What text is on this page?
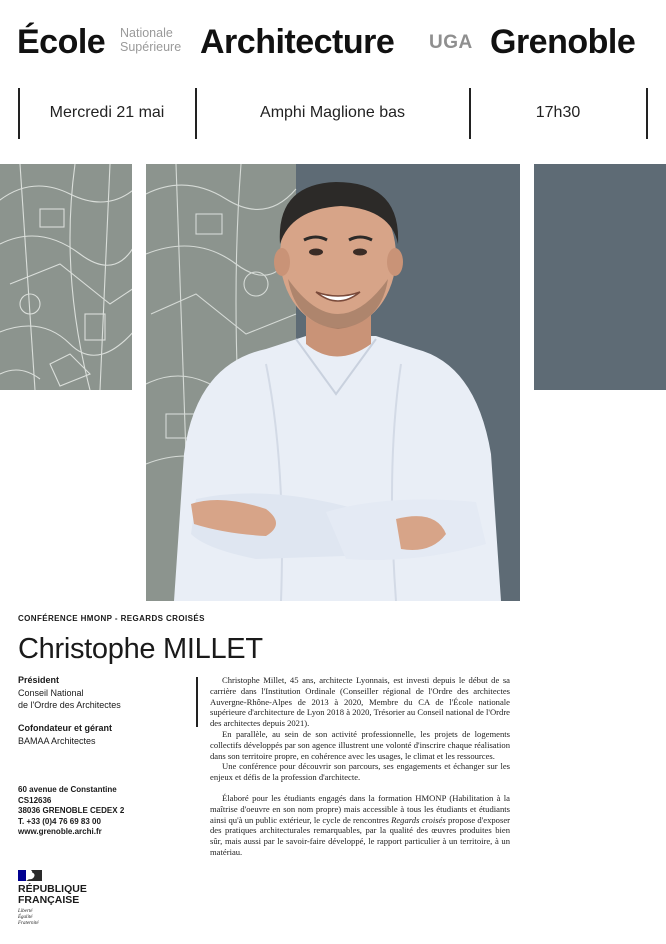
École Nationale
Supérieure Architecture UGA Grenoble
Mercredi 21 mai	Amphi Maglione bas	17h30
CONFÉRENCE HMONP - REGARDS CROISÉS
Christophe MILLET
Président
Conseil National
de l'Ordre des Architectes
Cofondateur et gérant
BAMAA Architectes
60 avenue de Constantine
CS12636
38036 GRENOBLE CEDEX 2
T. +33 (0)4 76 69 83 00
www.grenoble.archi.fr

Christophe Millet, 45 ans, architecte Lyonnais, est investi depuis le début de sa carrière dans l'Institution Ordinale (Conseiller régional de l'Ordre des architectes Auvergne-Rhône-Alpes de 2013 à 2020, Membre du CA de l'École nationale supérieure d'architecture de Lyon 2018 à 2020, Trésorier au Conseil national de l'Ordre des architectes depuis 2021).

En parallèle, au sein de son activité professionnelle, les projets de logements collectifs développés par son agence illustrent une volonté d'inscrire chaque réalisation dans son territoire propre, en cohérence avec les usages, le climat et les ressources.

Une conférence pour découvrir son parcours, ses engagements et échanger sur les enjeux et défis de la profession d'architecte.

Élaboré pour les étudiants engagés dans la formation HMONP (Habilitation à la maîtrise d'oeuvre en son nom propre) mais accessible à tous les étudiants et étudiants ainsi qu'à un public extérieur, le cycle de rencontres Regards croisés propose d'exposer des pratiques architecturales remarquables, par la qualité des œuvres produites bien sûr, mais aussi par le savoir-faire développé, le rapport particulier à un territoire, à un matériau.

RÉPUBLIQUE
FRANÇAISE
Liberté
Égalité
Fraternité
